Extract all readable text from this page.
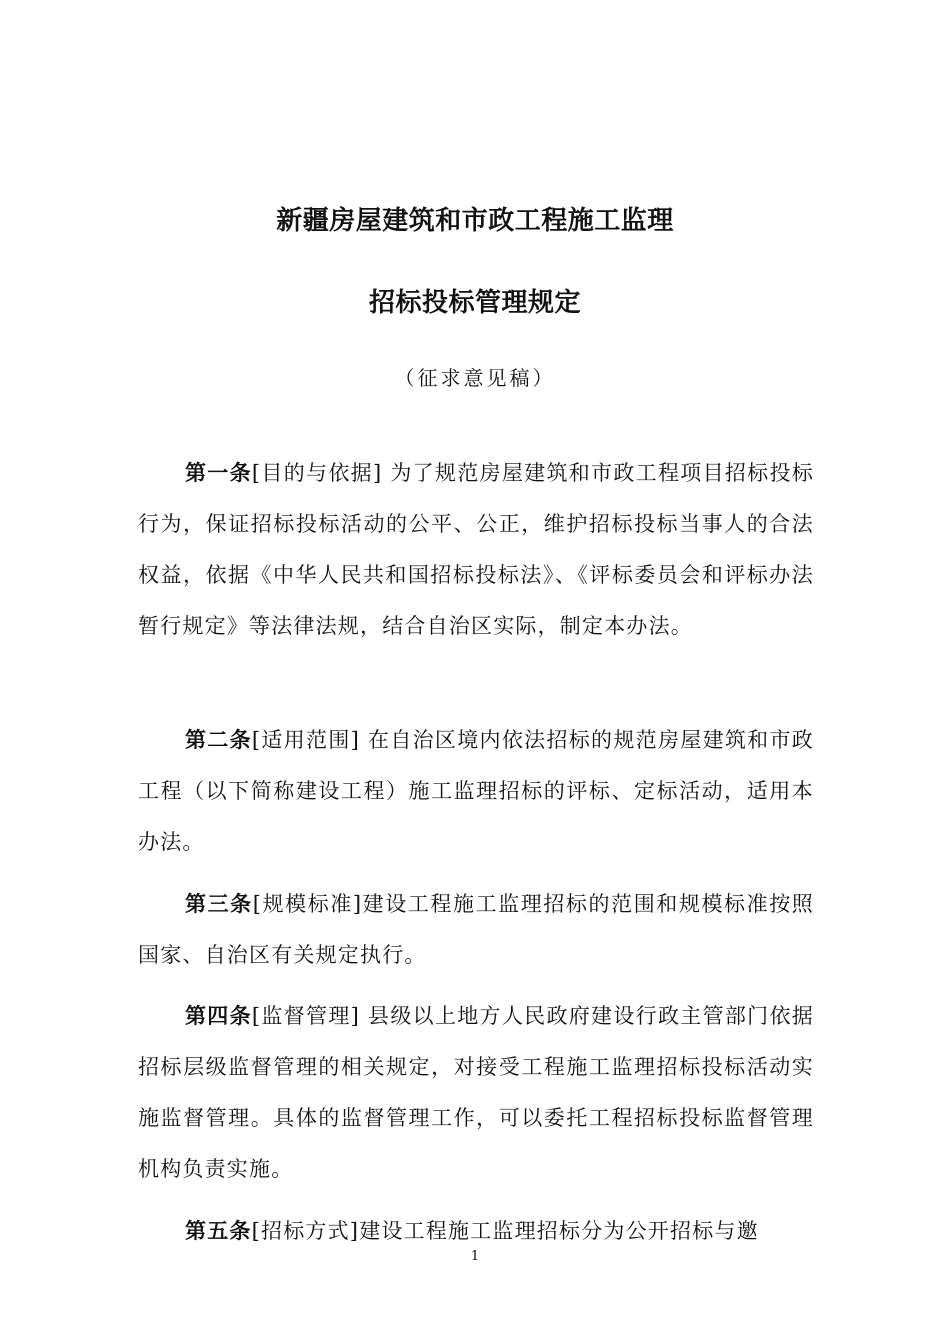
新疆房屋建筑和市政工程施工监理
招标投标管理规定
（征求意见稿）

第一条[目的与依据] 为了规范房屋建筑和市政工程项目招标投标行为，保证招标投标活动的公平、公正，维护招标投标当事人的合法权益，依据《中华人民共和国招标投标法》、《评标委员会和评标办法暂行规定》等法律法规，结合自治区实际，制定本办法。

第二条[适用范围] 在自治区境内依法招标的规范房屋建筑和市政工程（以下简称建设工程）施工监理招标的评标、定标活动，适用本办法。

第三条[规模标准]建设工程施工监理招标的范围和规模标准按照国家、自治区有关规定执行。

第四条[监督管理] 县级以上地方人民政府建设行政主管部门依据招标层级监督管理的相关规定，对接受工程施工监理招标投标活动实施监督管理。具体的监督管理工作，可以委托工程招标投标监督管理机构负责实施。

第五条[招标方式]建设工程施工监理招标分为公开招标与邀

1
